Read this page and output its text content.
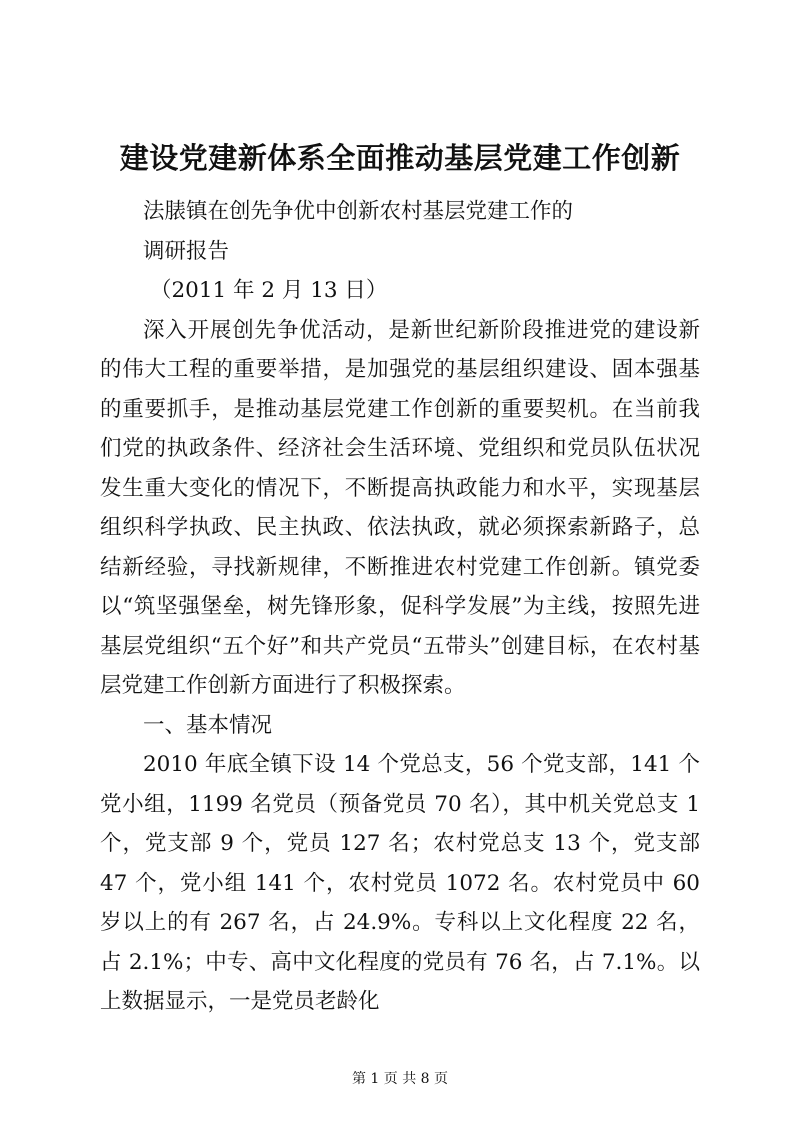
建设党建新体系全面推动基层党建工作创新

法脿镇在创先争优中创新农村基层党建工作的

调研报告

（2011 年 2 月 13 日）

深入开展创先争优活动，是新世纪新阶段推进党的建设新的伟大工程的重要举措，是加强党的基层组织建设、固本强基的重要抓手，是推动基层党建工作创新的重要契机。在当前我们党的执政条件、经济社会生活环境、党组织和党员队伍状况发生重大变化的情况下，不断提高执政能力和水平，实现基层组织科学执政、民主执政、依法执政，就必须探索新路子，总结新经验，寻找新规律，不断推进农村党建工作创新。镇党委以“筑坚强堡垒，树先锋形象，促科学发展”为主线，按照先进基层党组织“五个好”和共产党员“五带头”创建目标，在农村基层党建工作创新方面进行了积极探索。

一、基本情况

2010 年底全镇下设 14 个党总支，56 个党支部，141 个党小组，1199 名党员（预备党员 70 名），其中机关党总支 1 个，党支部 9 个，党员 127 名；农村党总支 13 个，党支部 47 个，党小组 141 个，农村党员 1072 名。农村党员中 60 岁以上的有 267 名，占 24.9%。专科以上文化程度 22 名，占 2.1%；中专、高中文化程度的党员有 76 名，占 7.1%。以上数据显示，一是党员老龄化

第 1 页 共 8 页
